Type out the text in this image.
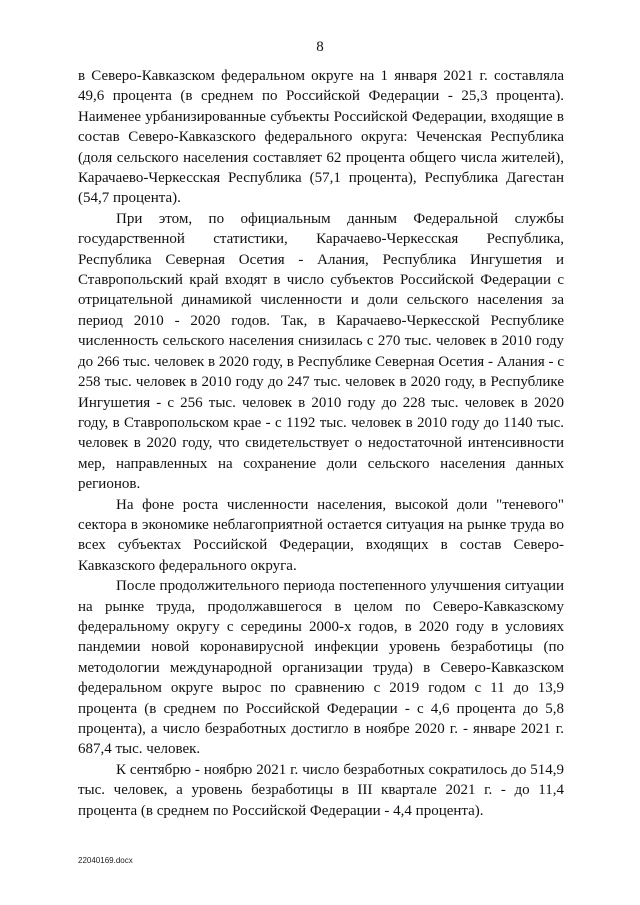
8

в Северо-Кавказском федеральном округе на 1 января 2021 г. составляла 49,6 процента (в среднем по Российской Федерации - 25,3 процента). Наименее урбанизированные субъекты Российской Федерации, входящие в состав Северо-Кавказского федерального округа: Чеченская Республика (доля сельского населения составляет 62 процента общего числа жителей), Карачаево-Черкесская Республика (57,1 процента), Республика Дагестан (54,7 процента).

При этом, по официальным данным Федеральной службы государственной статистики, Карачаево-Черкесская Республика, Республика Северная Осетия - Алания, Республика Ингушетия и Ставропольский край входят в число субъектов Российской Федерации с отрицательной динамикой численности и доли сельского населения за период 2010 - 2020 годов. Так, в Карачаево-Черкесской Республике численность сельского населения снизилась с 270 тыс. человек в 2010 году до 266 тыс. человек в 2020 году, в Республике Северная Осетия - Алания - с 258 тыс. человек в 2010 году до 247 тыс. человек в 2020 году, в Республике Ингушетия - с 256 тыс. человек в 2010 году до 228 тыс. человек в 2020 году, в Ставропольском крае - с 1192 тыс. человек в 2010 году до 1140 тыс. человек в 2020 году, что свидетельствует о недостаточной интенсивности мер, направленных на сохранение доли сельского населения данных регионов.

На фоне роста численности населения, высокой доли "теневого" сектора в экономике неблагоприятной остается ситуация на рынке труда во всех субъектах Российской Федерации, входящих в состав Северо-Кавказского федерального округа.

После продолжительного периода постепенного улучшения ситуации на рынке труда, продолжавшегося в целом по Северо-Кавказскому федеральному округу с середины 2000-х годов, в 2020 году в условиях пандемии новой коронавирусной инфекции уровень безработицы (по методологии международной организации труда) в Северо-Кавказском федеральном округе вырос по сравнению с 2019 годом с 11 до 13,9 процента (в среднем по Российской Федерации - с 4,6 процента до 5,8 процента), а число безработных достигло в ноябре 2020 г. - январе 2021 г. 687,4 тыс. человек.

К сентябрю - ноябрю 2021 г. число безработных сократилось до 514,9 тыс. человек, а уровень безработицы в III квартале 2021 г. - до 11,4 процента (в среднем по Российской Федерации - 4,4 процента).

22040169.docx
